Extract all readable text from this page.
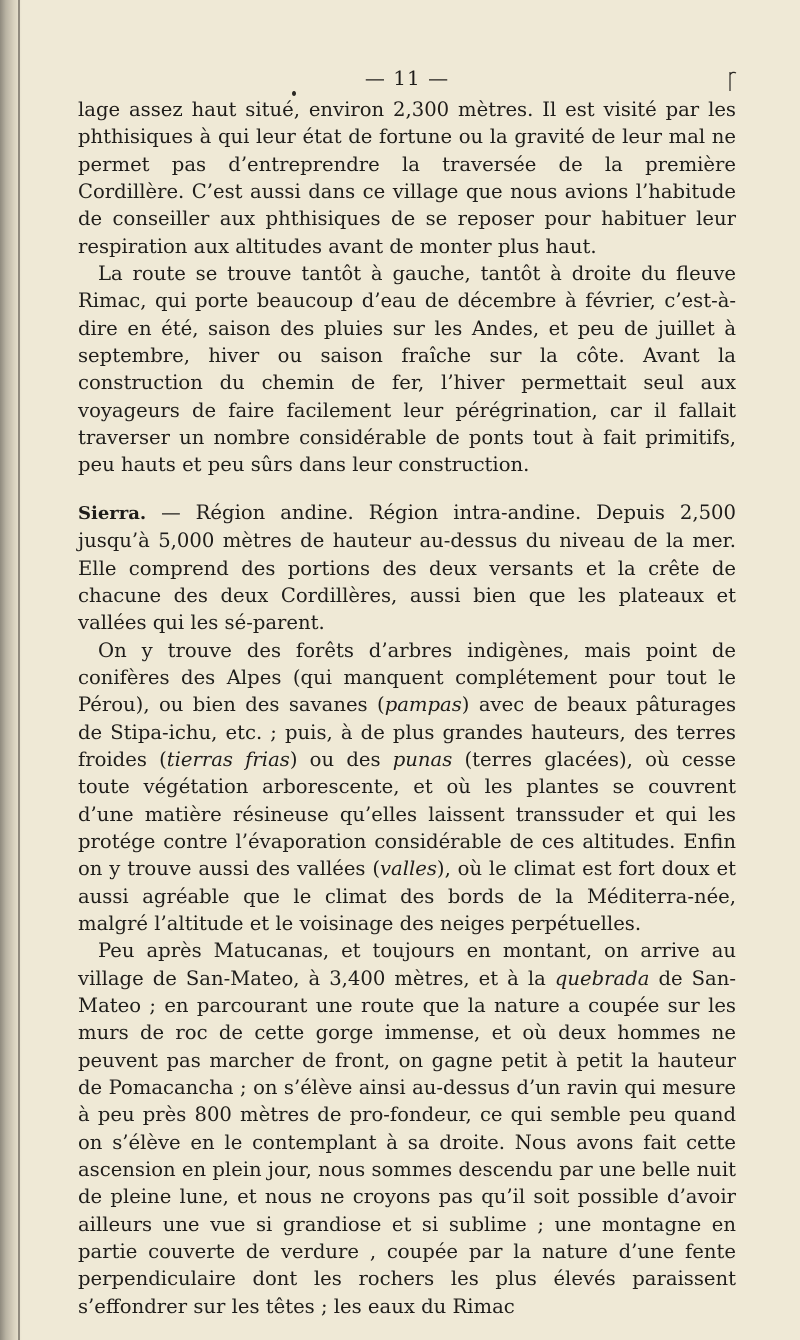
— 11 —

lage assez haut situé, environ 2,300 mètres. Il est visité par les phthisiques à qui leur état de fortune ou la gravité de leur mal ne permet pas d’entreprendre la traversée de la première Cordillère. C’est aussi dans ce village que nous avions l’habitude de conseiller aux phthisiques de se reposer pour habituer leur respiration aux altitudes avant de monter plus haut.

La route se trouve tantôt à gauche, tantôt à droite du fleuve Rimac, qui porte beaucoup d’eau de décembre à février, c’est-à-dire en été, saison des pluies sur les Andes, et peu de juillet à septembre, hiver ou saison fraîche sur la côte. Avant la construction du chemin de fer, l’hiver permettait seul aux voyageurs de faire facilement leur pérégrination, car il fallait traverser un nombre considérable de ponts tout à fait primitifs, peu hauts et peu sûrs dans leur construction.

Sierra. — Région andine. Région intra-andine. Depuis 2,500 jusqu’à 5,000 mètres de hauteur au-dessus du niveau de la mer. Elle comprend des portions des deux versants et la crête de chacune des deux Cordillères, aussi bien que les plateaux et vallées qui les sé-parent.

On y trouve des forêts d’arbres indigènes, mais point de conifères des Alpes (qui manquent complétement pour tout le Pérou), ou bien des savanes (pampas) avec de beaux pâturages de Stipa-ichu, etc. ; puis, à de plus grandes hauteurs, des terres froides (tierras frias) ou des punas (terres glacées), où cesse toute végétation arborescente, et où les plantes se couvrent d’une matière résineuse qu’elles laissent transsuder et qui les protége contre l’évaporation considérable de ces altitudes. Enfin on y trouve aussi des vallées (valles), où le climat est fort doux et aussi agréable que le climat des bords de la Méditerra-née, malgré l’altitude et le voisinage des neiges perpétuelles.

Peu après Matucanas, et toujours en montant, on arrive au village de San-Mateo, à 3,400 mètres, et à la quebrada de San-Mateo ; en parcourant une route que la nature a coupée sur les murs de roc de cette gorge immense, et où deux hommes ne peuvent pas marcher de front, on gagne petit à petit la hauteur de Pomacancha ; on s’élève ainsi au-dessus d’un ravin qui mesure à peu près 800 mètres de pro-fondeur, ce qui semble peu quand on s’élève en le contemplant à sa droite. Nous avons fait cette ascension en plein jour, nous sommes descendu par une belle nuit de pleine lune, et nous ne croyons pas qu’il soit possible d’avoir ailleurs une vue si grandiose et si sublime ; une montagne en partie couverte de verdure , coupée par la nature d’une fente perpendiculaire dont les rochers les plus élevés paraissent s’effondrer sur les têtes ; les eaux du Rimac
